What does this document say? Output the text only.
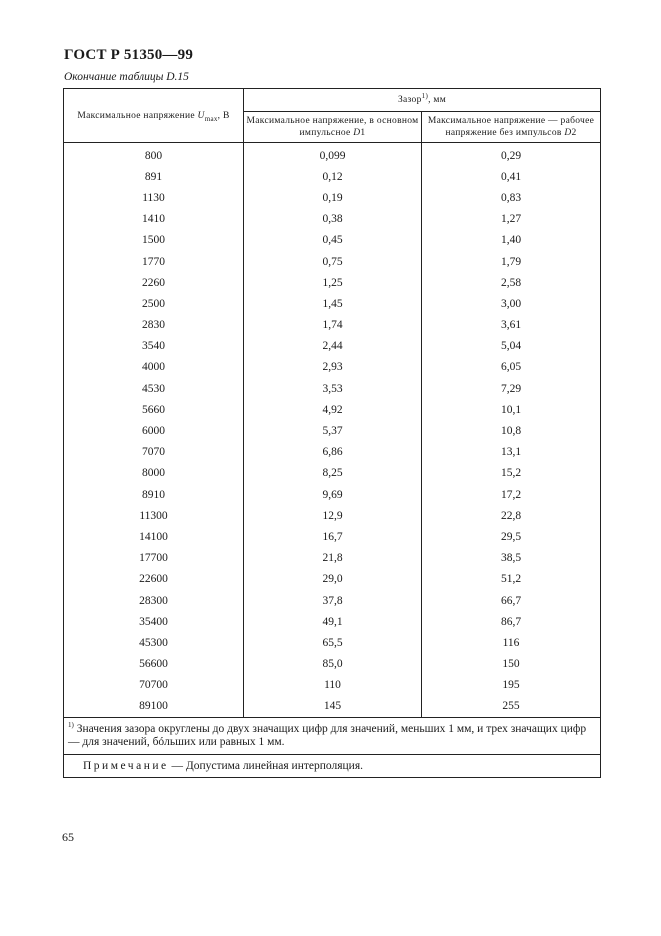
ГОСТ Р 51350—99
Окончание таблицы D.15
Максимальное напряжение $U_{max}$, В	Зазор$^{1)}$, мм	
	Максимальное напряжение, в основном импульсное D1	Максимальное напряжение — рабочее напряжение без импульсов D2
800	0,099	0,29
891	0,12	0,41
1130	0,19	0,83
1410	0,38	1,27
1500	0,45	1,40
1770	0,75	1,79
2260	1,25	2,58
2500	1,45	3,00
2830	1,74	3,61
3540	2,44	5,04
4000	2,93	6,05
4530	3,53	7,29
5660	4,92	10,1
6000	5,37	10,8
7070	6,86	13,1
8000	8,25	15,2
8910	9,69	17,2
11300	12,9	22,8
14100	16,7	29,5
17700	21,8	38,5
22600	29,0	51,2
28300	37,8	66,7
35400	49,1	86,7
45300	65,5	116
56600	85,0	150
70700	110	195
89100	145	255
$^{1)}$ Значения зазора округлены до двух значащих цифр для значений, меньших 1 мм, и трех значащих цифр — для значений, бóльших или равных 1 мм.		
Примечание — Допустима линейная интерполяция.		
65
